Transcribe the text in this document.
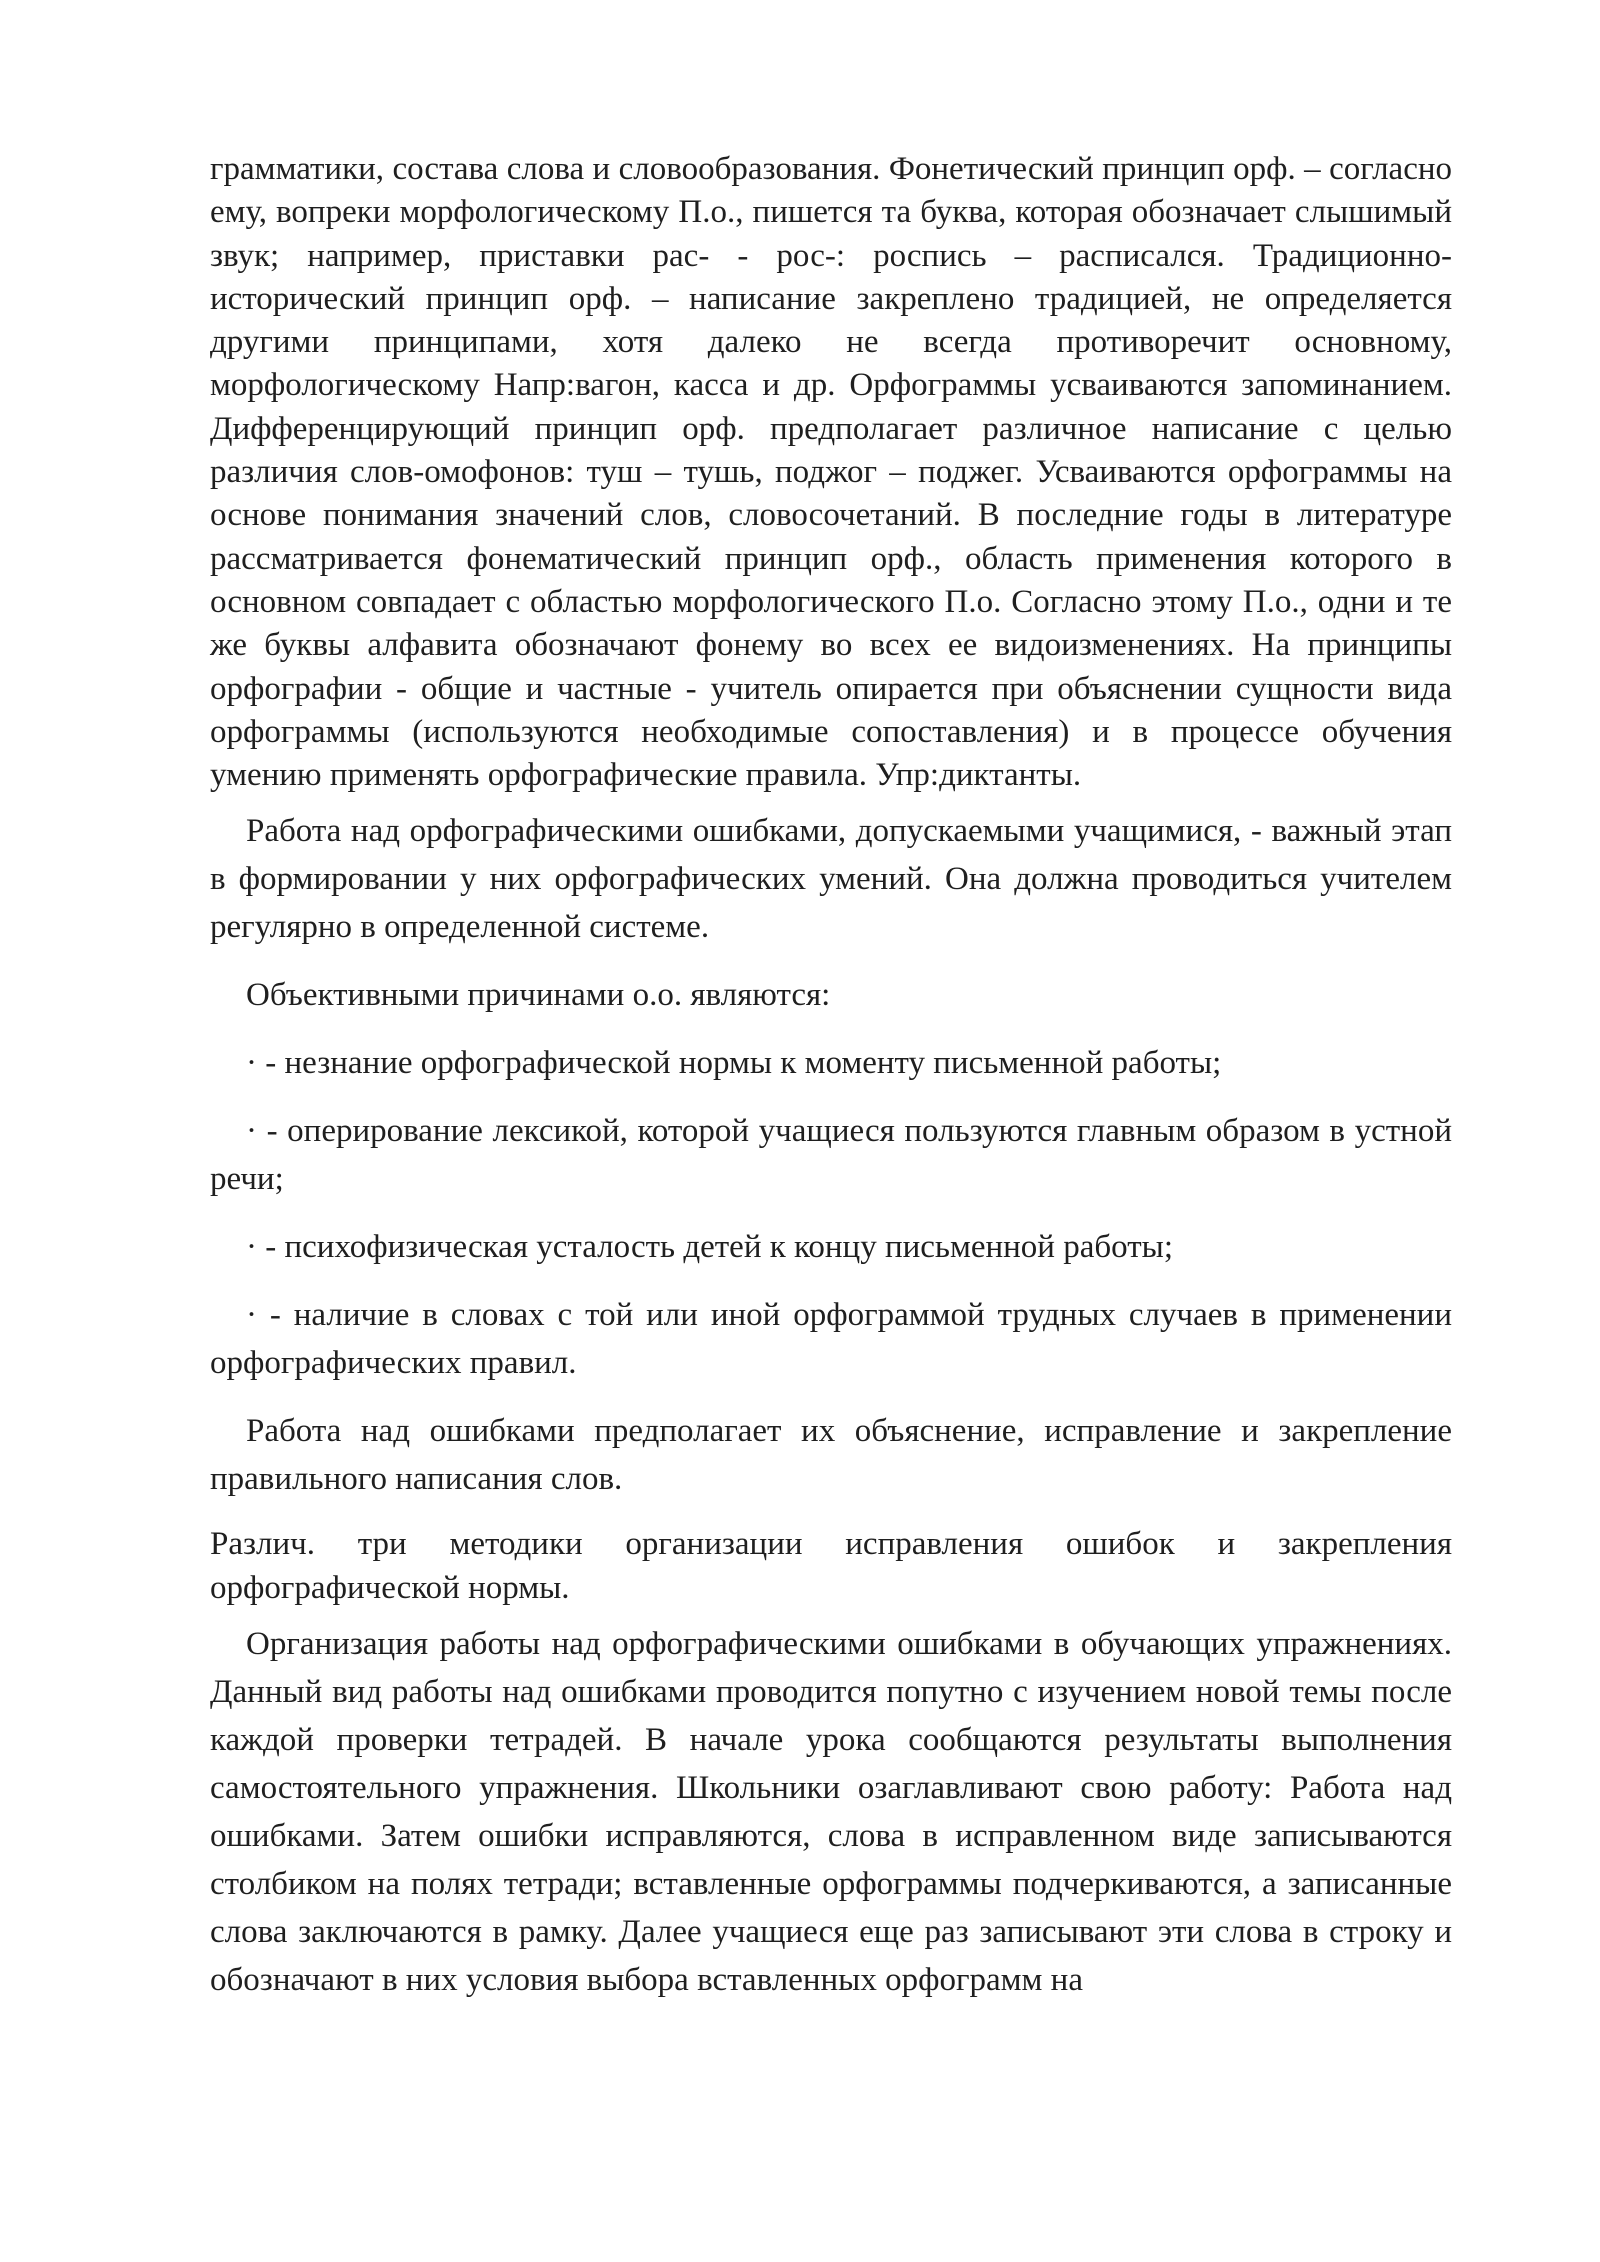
грамматики, состава слова и словообразования. Фонетический принцип орф. – согласно ему, вопреки морфологическому П.о., пишется та буква, которая обозначает слышимый звук; например, приставки рас- - рос-: роспись – расписался. Традиционно-исторический принцип орф. – написание закреплено традицией, не определяется другими принципами, хотя далеко не всегда противоречит основному, морфологическому Напр:вагон, касса и др. Орфограммы усваиваются запоминанием. Дифференцирующий принцип орф. предполагает различное написание с целью различия слов-омофонов: туш – тушь, поджог – поджег. Усваиваются орфограммы на основе понимания значений слов, словосочетаний. В последние годы в литературе рассматривается фонематический принцип орф., область применения которого в основном совпадает с областью морфологического П.о. Согласно этому П.о., одни и те же буквы алфавита обозначают фонему во всех ее видоизменениях. На принципы орфографии - общие и частные - учитель опирается при объяснении сущности вида орфограммы (используются необходимые сопоставления) и в процессе обучения умению применять орфографические правила. Упр:диктанты.

Работа над орфографическими ошибками, допускаемыми учащимися, - важный этап в формировании у них орфографических умений. Она должна проводиться учителем регулярно в определенной системе.

Объективными причинами о.о. являются:

· - незнание орфографической нормы к моменту письменной работы;

· - оперирование лексикой, которой учащиеся пользуются главным образом в устной речи;

· - психофизическая усталость детей к концу письменной работы;

· - наличие в словах с той или иной орфограммой трудных случаев в применении орфографических правил.

Работа над ошибками предполагает их объяснение, исправление и закрепление правильного написания слов.

Различ. три методики организации исправления ошибок и закрепления орфографической нормы.

Организация работы над орфографическими ошибками в обучающих упражнениях. Данный вид работы над ошибками проводится попутно с изучением новой темы после каждой проверки тетрадей. В начале урока сообщаются результаты выполнения самостоятельного упражнения. Школьники озаглавливают свою работу: Работа над ошибками. Затем ошибки исправляются, слова в исправленном виде записываются столбиком на полях тетради; вставленные орфограммы подчеркиваются, а записанные слова заключаются в рамку. Далее учащиеся еще раз записывают эти слова в строку и обозначают в них условия выбора вставленных орфограмм на
